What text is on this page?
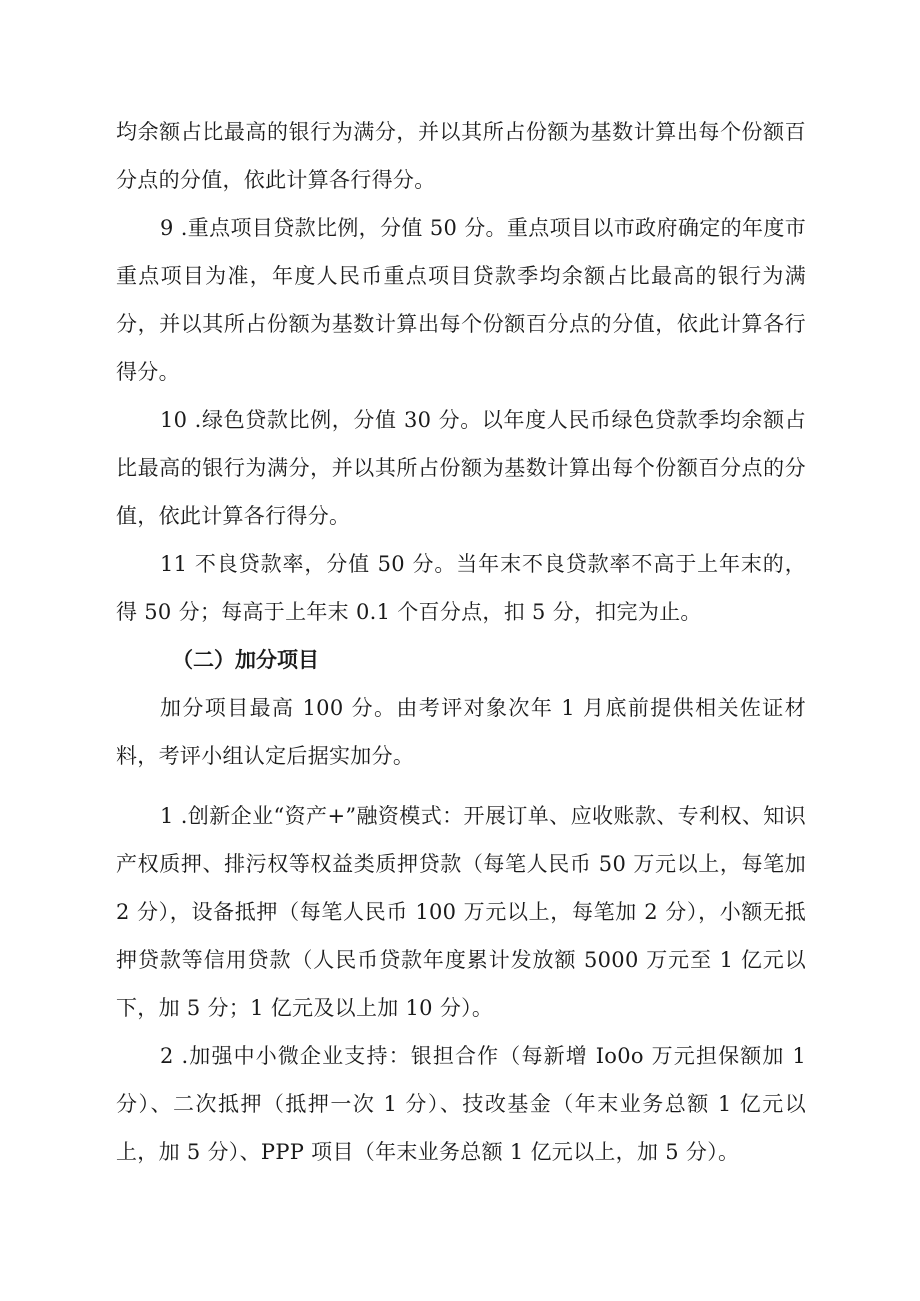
均余额占比最高的银行为满分，并以其所占份额为基数计算出每个份额百分点的分值，依此计算各行得分。

9 .重点项目贷款比例，分值 50 分。重点项目以市政府确定的年度市重点项目为准，年度人民币重点项目贷款季均余额占比最高的银行为满分，并以其所占份额为基数计算出每个份额百分点的分值，依此计算各行得分。

10 .绿色贷款比例，分值 30 分。以年度人民币绿色贷款季均余额占比最高的银行为满分，并以其所占份额为基数计算出每个份额百分点的分值，依此计算各行得分。

11 不良贷款率，分值 50 分。当年末不良贷款率不高于上年末的，得 50 分；每高于上年末 0.1 个百分点，扣 5 分，扣完为止。

（二）加分项目

加分项目最高 100 分。由考评对象次年 1 月底前提供相关佐证材料，考评小组认定后据实加分。

1 .创新企业“资产+”融资模式：开展订单、应收账款、专利权、知识产权质押、排污权等权益类质押贷款（每笔人民币 50 万元以上，每笔加 2 分），设备抵押（每笔人民币 100 万元以上，每笔加 2 分），小额无抵押贷款等信用贷款（人民币贷款年度累计发放额 5000 万元至 1 亿元以下，加 5 分；1 亿元及以上加 10 分）。

2 .加强中小微企业支持：银担合作（每新增 Io0o 万元担保额加 1 分）、二次抵押（抵押一次 1 分）、技改基金（年末业务总额 1 亿元以上，加 5 分）、PPP 项目（年末业务总额 1 亿元以上，加 5 分）。
